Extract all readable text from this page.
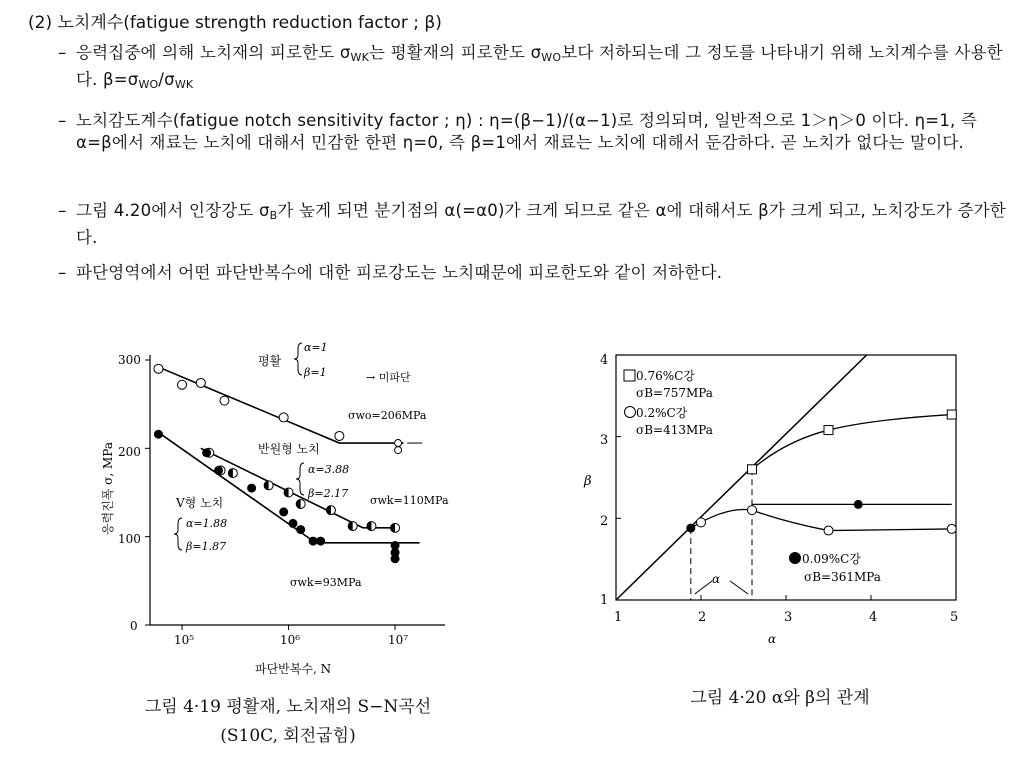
(2) 노치계수(fatigue strength reduction factor ; β)
– 응력집중에 의해 노치재의 피로한도 $\sigma_{WK}$는 평활재의 피로한도 $\sigma_{WO}$보다 저하되는데 그 정도를 나타내기 위해 노치계수를 사용한다. $\beta=\sigma_{WO}/\sigma_{WK}$
– 노치감도계수(fatigue notch sensitivity factor ; η) : η=(β−1)/(α−1)로 정의되며, 일반적으로 1＞η＞0 이다. η=1, 즉 α=β에서 재료는 노치에 대해서 민감한 한편 η=0, 즉 β=1에서 재료는 노치에 대해서 둔감하다. 곧 노치가 없다는 말이다.
– 그림 4.20에서 인장강도 $\sigma_B$가 높게 되면 분기점의 α(=α0)가 크게 되므로 같은 α에 대해서도 β가 크게 되고, 노치강도가 증가한다.
– 파단영역에서 어떤 파단반복수에 대한 피로강도는 노치때문에 피로한도와 같이 저하한다.
응력진폭 σ, MPa
파단반복수, N
300
200
100
0
10⁵	10⁶	10⁷
→ 미파단
평활
α=1
β=1
σwo=206MPa
반원형 노치
α=3.88
β=2.17
σwk=110MPa
V형 노치
α=1.88
β=1.87
σwk=93MPa
그림 4·19 평활재, 노치재의 S−N곡선
(S10C, 회전굽힘)
β
α
1	2	3	4	5
1
2
3
4
0.76%C강
σB=757MPa
0.2%C강
σB=413MPa
0.09%C강
σB=361MPa
α
그림 4·20 α와 β의 관계
